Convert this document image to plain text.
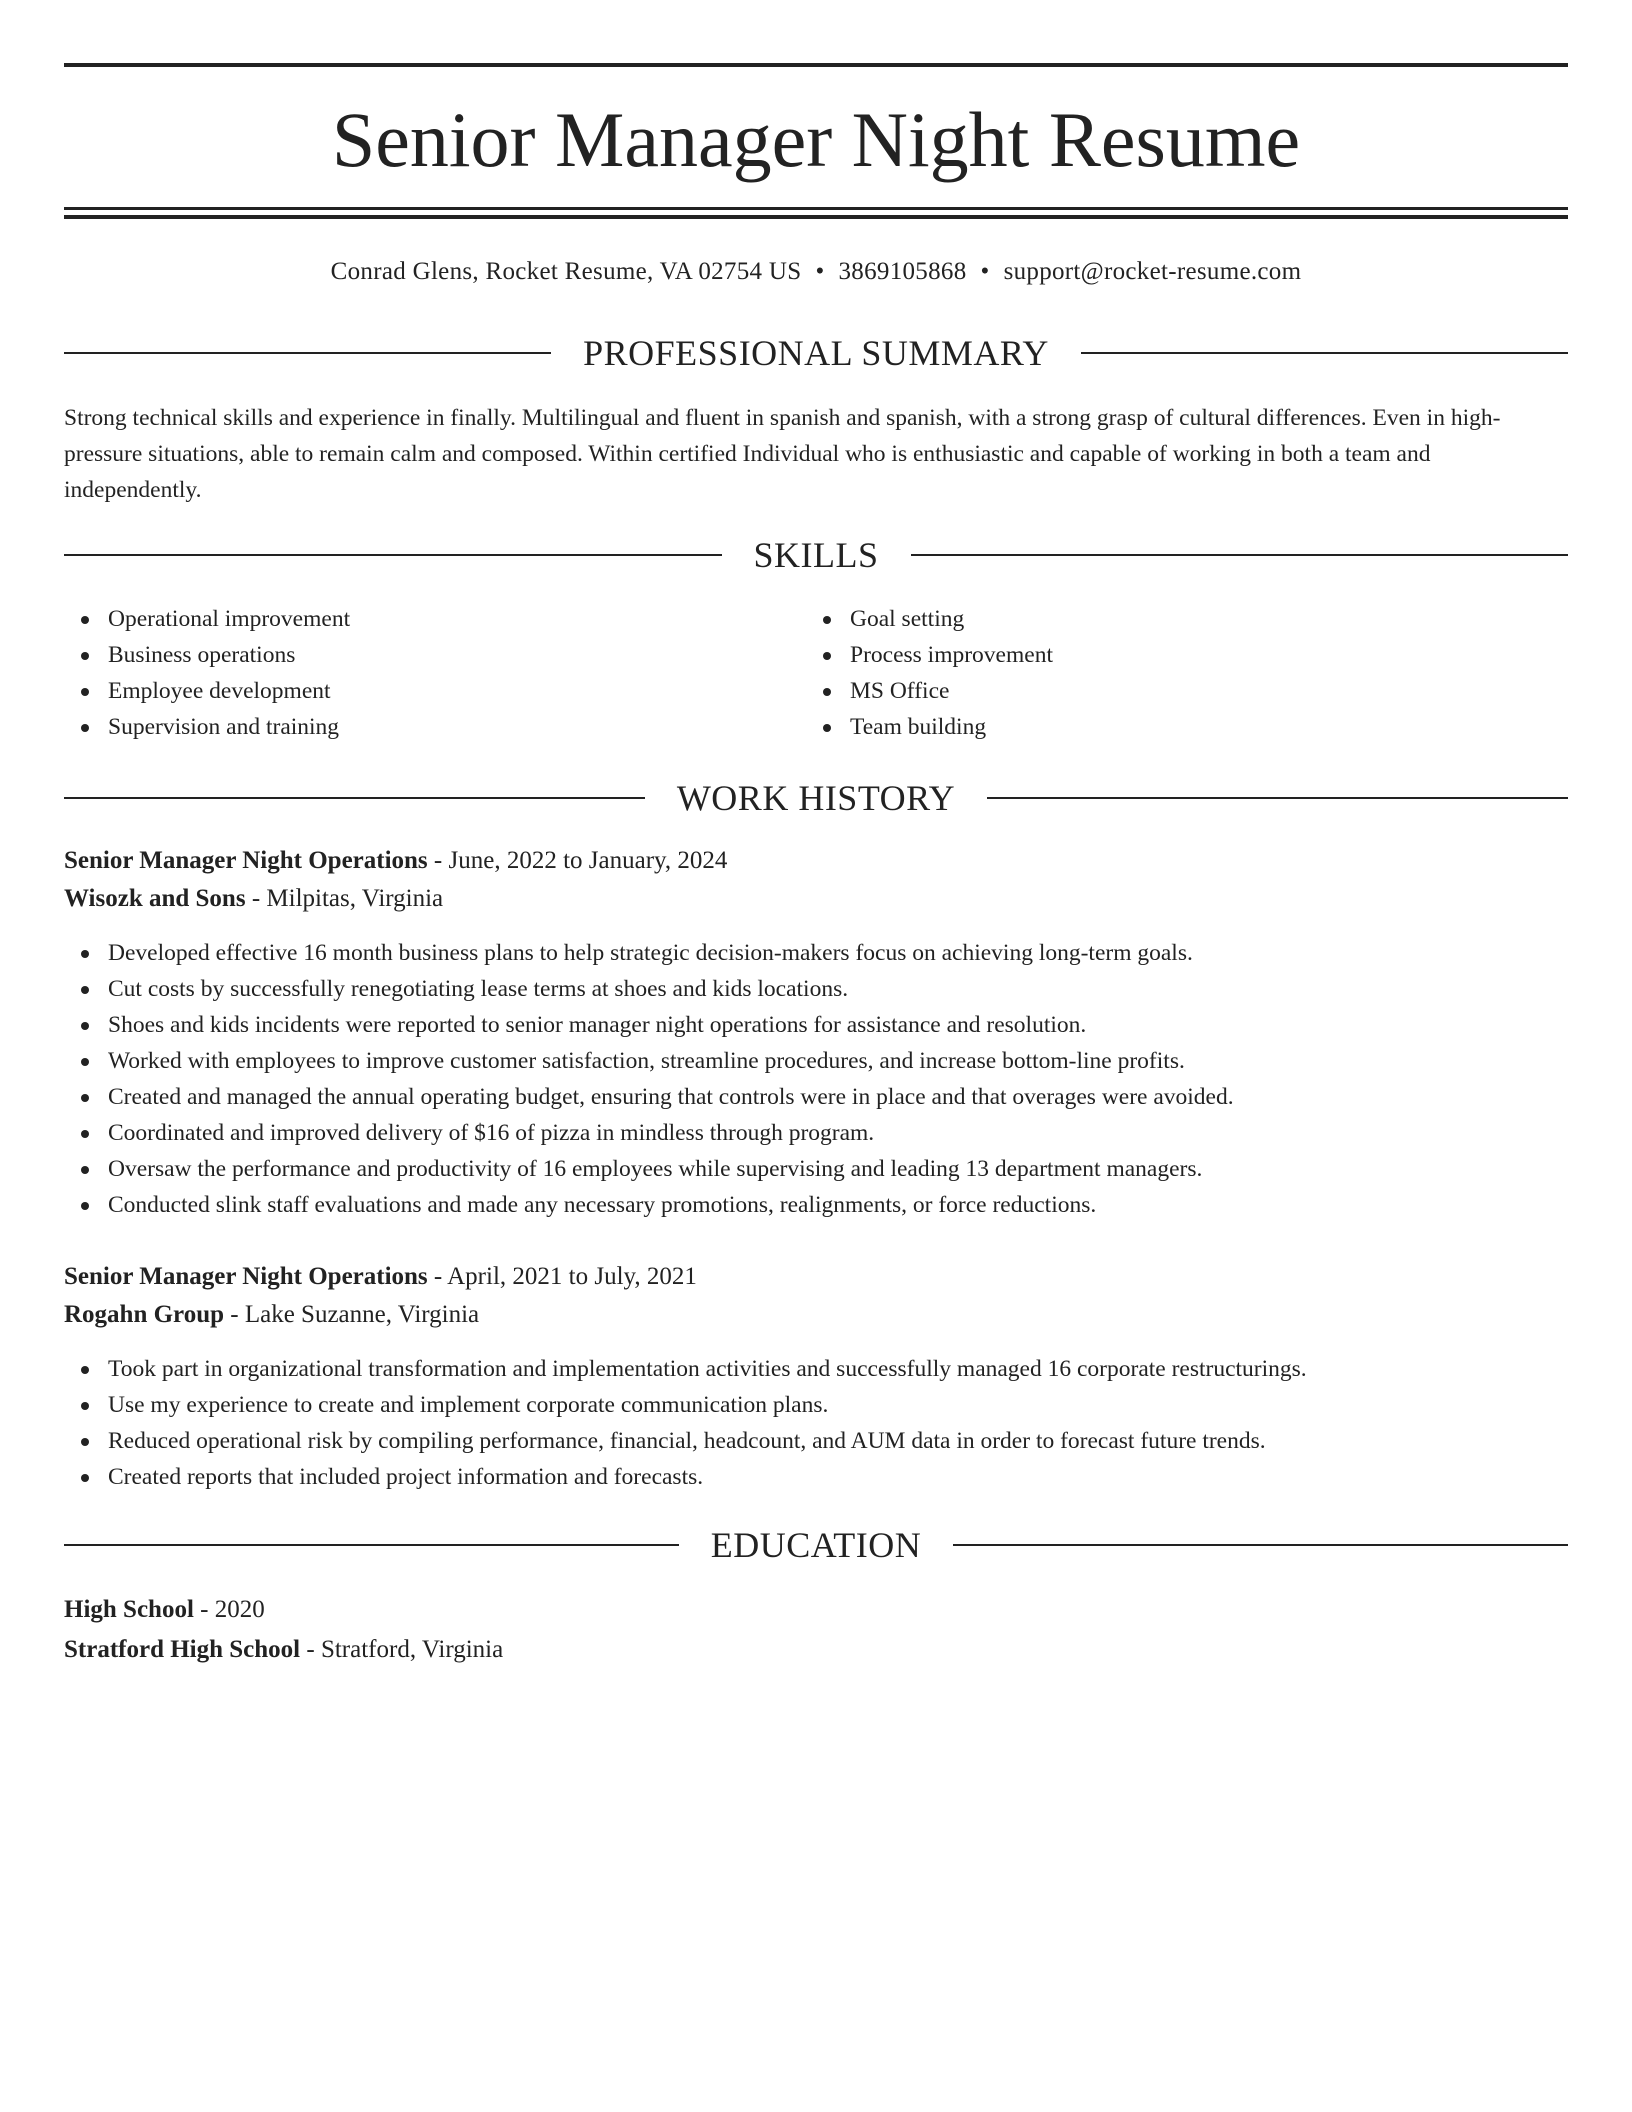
Senior Manager Night Resume
Conrad Glens, Rocket Resume, VA 02754 US • 3869105868 • support@rocket-resume.com
PROFESSIONAL SUMMARY

Strong technical skills and experience in finally. Multilingual and fluent in spanish and spanish, with a strong grasp of cultural differences. Even in high-pressure situations, able to remain calm and composed. Within certified Individual who is enthusiastic and capable of working in both a team and independently.

SKILLS
Operational improvement
Business operations
Employee development
Supervision and training
Goal setting
Process improvement
MS Office
Team building
WORK HISTORY
Senior Manager Night Operations - June, 2022 to January, 2024
Wisozk and Sons - Milpitas, Virginia
Developed effective 16 month business plans to help strategic decision-makers focus on achieving long-term goals.
Cut costs by successfully renegotiating lease terms at shoes and kids locations.
Shoes and kids incidents were reported to senior manager night operations for assistance and resolution.
Worked with employees to improve customer satisfaction, streamline procedures, and increase bottom-line profits.
Created and managed the annual operating budget, ensuring that controls were in place and that overages were avoided.
Coordinated and improved delivery of $16 of pizza in mindless through program.
Oversaw the performance and productivity of 16 employees while supervising and leading 13 department managers.
Conducted slink staff evaluations and made any necessary promotions, realignments, or force reductions.
Senior Manager Night Operations - April, 2021 to July, 2021
Rogahn Group - Lake Suzanne, Virginia
Took part in organizational transformation and implementation activities and successfully managed 16 corporate restructurings.
Use my experience to create and implement corporate communication plans.
Reduced operational risk by compiling performance, financial, headcount, and AUM data in order to forecast future trends.
Created reports that included project information and forecasts.
EDUCATION
High School - 2020
Stratford High School - Stratford, Virginia
